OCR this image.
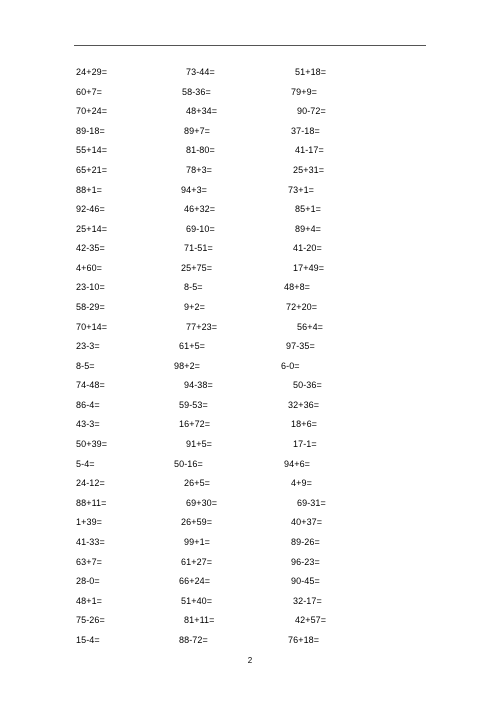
24+29=	73-44=	51+18=
60+7=	58-36=	79+9=
70+24=	48+34=	90-72=
89-18=	89+7=	37-18=
55+14=	81-80=	41-17=
65+21=	78+3=	25+31=
88+1=	94+3=	73+1=
92-46=	46+32=	85+1=
25+14=	69-10=	89+4=
42-35=	71-51=	41-20=
4+60=	25+75=	17+49=
23-10=	8-5=	48+8=
58-29=	9+2=	72+20=
70+14=	77+23=	56+4=
23-3=	61+5=	97-35=
8-5=	98+2=	6-0=
74-48=	94-38=	50-36=
86-4=	59-53=	32+36=
43-3=	16+72=	18+6=
50+39=	91+5=	17-1=
5-4=	50-16=	94+6=
24-12=	26+5=	4+9=
88+11=	69+30=	69-31=
1+39=	26+59=	40+37=
41-33=	99+1=	89-26=
63+7=	61+27=	96-23=
28-0=	66+24=	90-45=
48+1=	51+40=	32-17=
75-26=	81+11=	42+57=
15-4=	88-72=	76+18=
2
